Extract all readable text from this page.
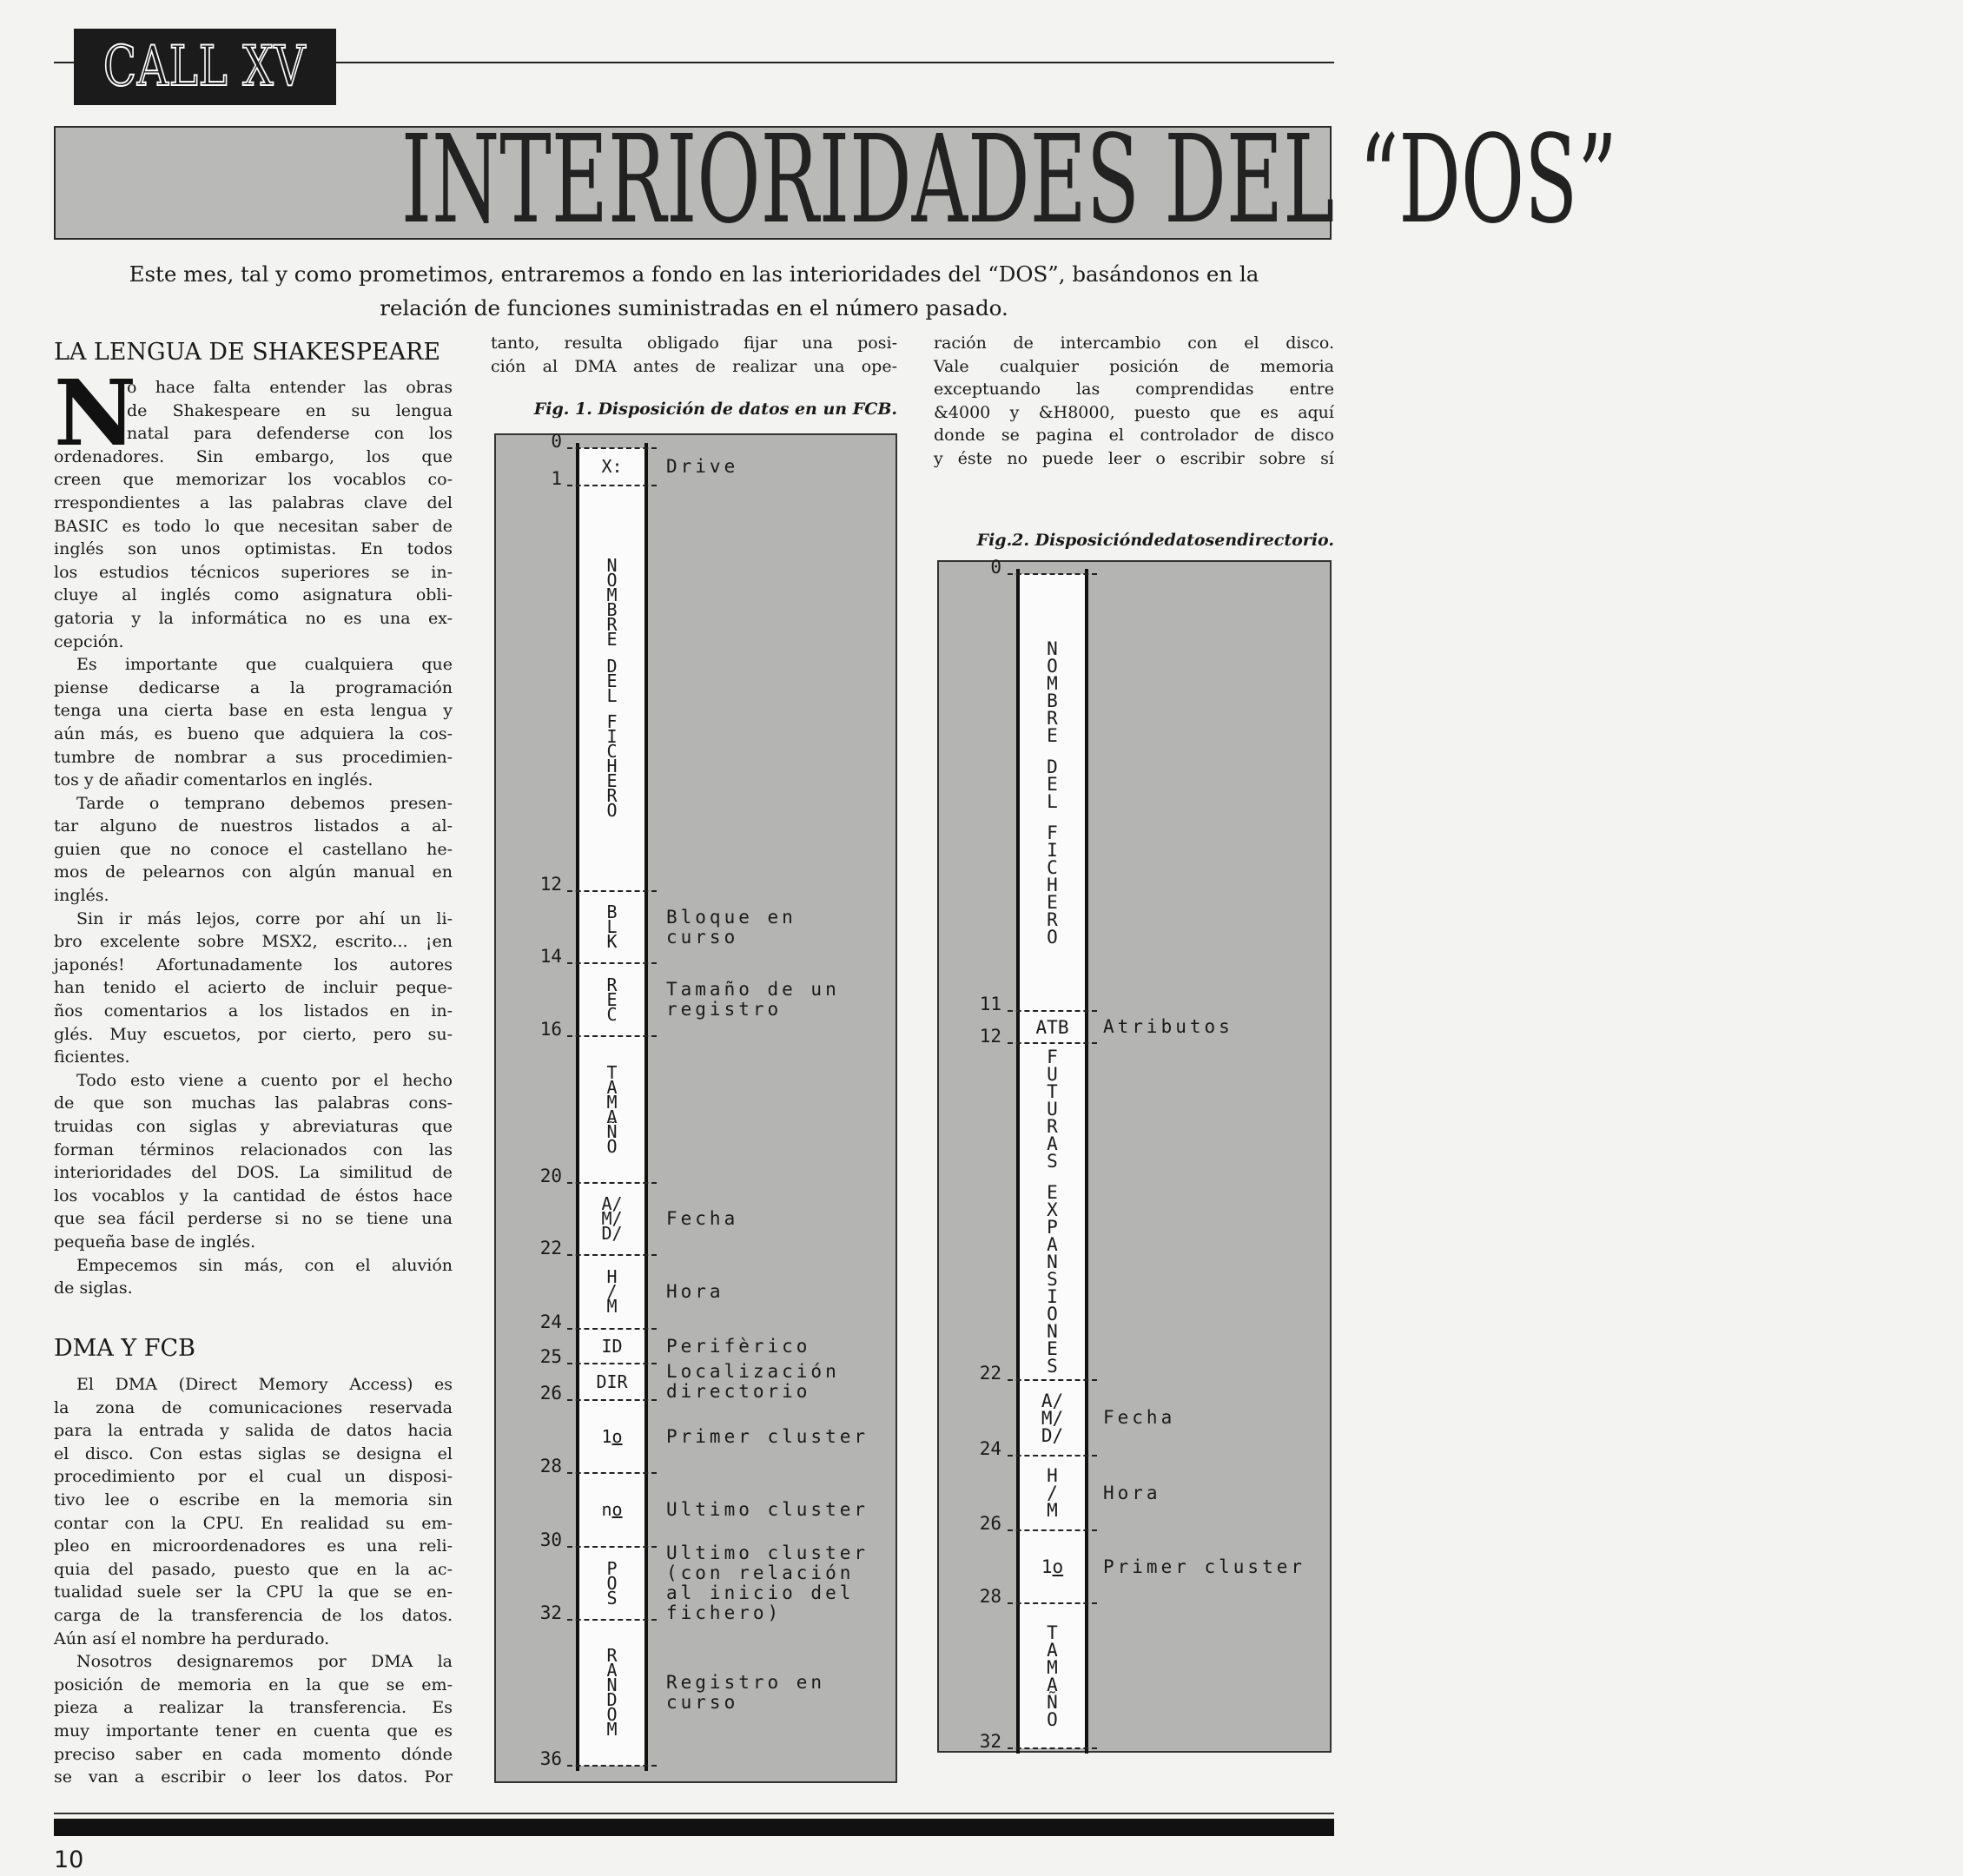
CALL XV
INTERIORIDADES DEL “DOS”
Este mes, tal y como prometimos, entraremos a fondo en las interioridades del “DOS”, basándonos en la
relación de funciones suministradas en el número pasado.
LA LENGUA DE SHAKESPEARE
N
o hace falta entender las obras
de Shakespeare en su lengua
natal para defenderse con los
ordenadores. Sin embargo, los que
creen que memorizar los vocablos co-
rrespondientes a las palabras clave del
BASIC es todo lo que necesitan saber de
inglés son unos optimistas. En todos
los estudios técnicos superiores se in-
cluye al inglés como asignatura obli-
gatoria y la informática no es una ex-
cepción.
Es importante que cualquiera que
piense dedicarse a la programación
tenga una cierta base en esta lengua y
aún más, es bueno que adquiera la cos-
tumbre de nombrar a sus procedimien-
tos y de añadir comentarlos en inglés.
Tarde o temprano debemos presen-
tar alguno de nuestros listados a al-
guien que no conoce el castellano he-
mos de pelearnos con algún manual en
inglés.
Sin ir más lejos, corre por ahí un li-
bro excelente sobre MSX2, escrito... ¡en
japonés! Afortunadamente los autores
han tenido el acierto de incluir peque-
ños comentarios a los listados en in-
glés. Muy escuetos, por cierto, pero su-
ficientes.
Todo esto viene a cuento por el hecho
de que son muchas las palabras cons-
truidas con siglas y abreviaturas que
forman términos relacionados con las
interioridades del DOS. La similitud de
los vocablos y la cantidad de éstos hace
que sea fácil perderse si no se tiene una
pequeña base de inglés.
Empecemos sin más, con el aluvión
de siglas.
DMA Y FCB
El DMA (Direct Memory Access) es
la zona de comunicaciones reservada
para la entrada y salida de datos hacia
el disco. Con estas siglas se designa el
procedimiento por el cual un disposi-
tivo lee o escribe en la memoria sin
contar con la CPU. En realidad su em-
pleo en microordenadores es una reli-
quia del pasado, puesto que en la ac-
tualidad suele ser la CPU la que se en-
carga de la transferencia de los datos.
Aún así el nombre ha perdurado.
Nosotros designaremos por DMA la
posición de memoria en la que se em-
pieza a realizar la transferencia. Es
muy importante tener en cuenta que es
preciso saber en cada momento dónde
se van a escribir o leer los datos. Por
tanto, resulta obligado fijar una posi-
ción al DMA antes de realizar una ope-
Fig. 1. Disposición de datos en un FCB.
0
1
12
14
16
20
22
24
25
26
28
30
32
36
X: Drive
N
O
M
B
R
E
D
E
L
F
I
C
H
E
R
O
BLK
Bloque en
curso
REC
Tamaño de un
registro
TAMAÑO
A/
M/
D/
Fecha
H/M
Hora
ID Perifèrico
DIR Localización
directorio
1o Primer cluster
no Ultimo cluster
POS
Ultimo cluster
(con relación
al inicio del
fichero)
RANDOM
Registro en
curso
ración de intercambio con el disco.
Vale cualquier posición de memoria
exceptuando las comprendidas entre
&4000 y &H8000, puesto que es aquí
donde se pagina el controlador de disco
y éste no puede leer o escribir sobre sí
Fig.2. Disposicióndedatosendirectorio.
0
11
12
22
24
26
28
32
N
O
M
B
R
E
D
E
L
F
I
C
H
E
R
O
ATB Atributos
F
U
T
U
R
A
S
E
X
P
A
N
S
I
O
N
E
S
A/
M/
D/
Fecha
H/M
Hora
1o Primer cluster
TAMAÑO
10
